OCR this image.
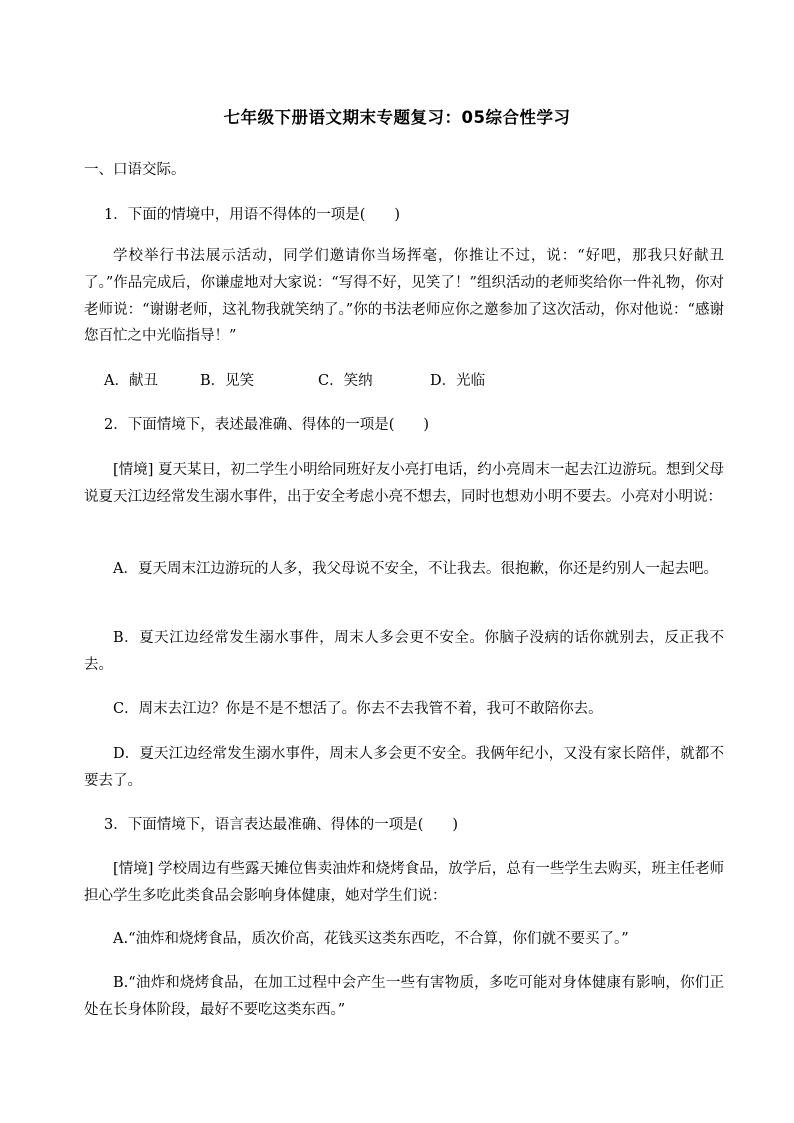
七年级下册语文期末专题复习：05综合性学习
一、口语交际。
1．下面的情境中，用语不得体的一项是(　　)
学校举行书法展示活动，同学们邀请你当场挥毫，你推让不过，说：“好吧，那我只好献丑了。”作品完成后，你谦虚地对大家说：“写得不好，见笑了！”组织活动的老师奖给你一件礼物，你对老师说：“谢谢老师，这礼物我就笑纳了。”你的书法老师应你之邀参加了这次活动，你对他说：“感谢您百忙之中光临指导！”
A．献丑	B．见笑	C．笑纳	D．光临
2．下面情境下，表述最准确、得体的一项是(　　)
[情境] 夏天某日，初二学生小明给同班好友小亮打电话，约小亮周末一起去江边游玩。想到父母说夏天江边经常发生溺水事件，出于安全考虑小亮不想去，同时也想劝小明不要去。小亮对小明说：
A．夏天周末江边游玩的人多，我父母说不安全，不让我去。很抱歉，你还是约别人一起去吧。
B．夏天江边经常发生溺水事件，周末人多会更不安全。你脑子没病的话你就别去，反正我不去。
C．周末去江边？你是不是不想活了。你去不去我管不着，我可不敢陪你去。
D．夏天江边经常发生溺水事件，周末人多会更不安全。我俩年纪小，又没有家长陪伴，就都不要去了。
3．下面情境下，语言表达最准确、得体的一项是(　　)
[情境] 学校周边有些露天摊位售卖油炸和烧烤食品，放学后，总有一些学生去购买，班主任老师担心学生多吃此类食品会影响身体健康，她对学生们说：
A.“油炸和烧烤食品，质次价高，花钱买这类东西吃，不合算，你们就不要买了。”
B.“油炸和烧烤食品，在加工过程中会产生一些有害物质，多吃可能对身体健康有影响，你们正处在长身体阶段，最好不要吃这类东西。”
